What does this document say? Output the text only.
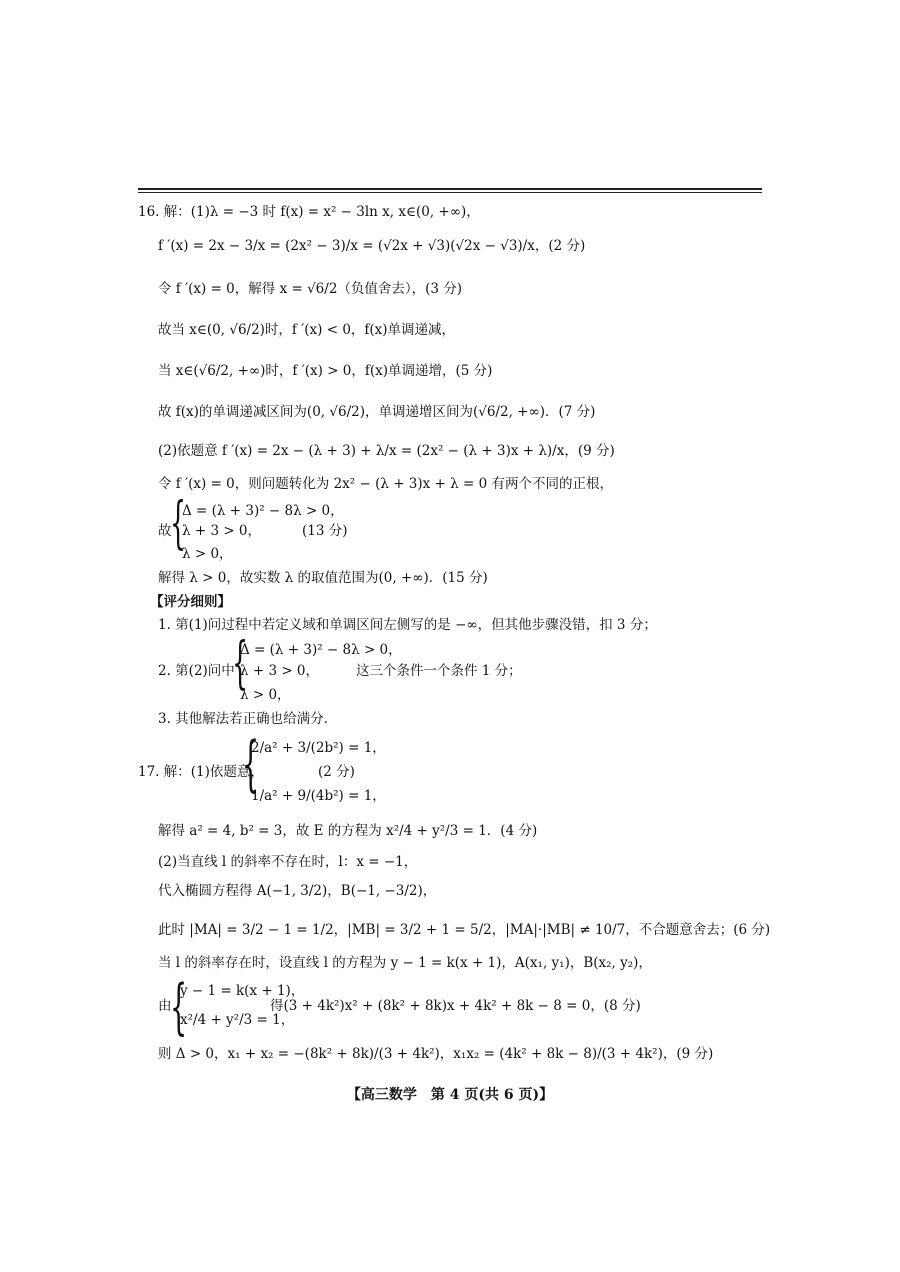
16. 解：(1)λ = −3 时 f(x) = x² − 3ln x, x∈(0, +∞)，
f ′(x) = 2x − 3/x = (2x² − 3)/x = (√2x + √3)(√2x − √3)/x，(2 分)
令 f ′(x) = 0，解得 x = √6/2（负值舍去），(3 分)
故当 x∈(0, √6/2)时，f ′(x) < 0，f(x)单调递减，
当 x∈(√6/2, +∞)时，f ′(x) > 0，f(x)单调递增，(5 分)
故 f(x)的单调递减区间为(0, √6/2)，单调递增区间为(√6/2, +∞)．(7 分)
(2)依题意 f ′(x) = 2x − (λ + 3) + λ/x = (2x² − (λ + 3)x + λ)/x，(9 分)
令 f ′(x) = 0，则问题转化为 2x² − (λ + 3)x + λ = 0 有两个不同的正根，
{
Δ = (λ + 3)² − 8λ > 0，
故 λ + 3 > 0，	(13 分)
λ > 0，
解得 λ > 0，故实数 λ 的取值范围为(0, +∞)．(15 分)
【评分细则】
1. 第(1)问过程中若定义域和单调区间左侧写的是 −∞，但其他步骤没错，扣 3 分；
{
Δ = (λ + 3)² − 8λ > 0，
2. 第(2)问中 λ + 3 > 0，	这三个条件一个条件 1 分；
λ > 0，
3. 其他解法若正确也给满分.
{
2/a² + 3/(2b²) = 1，
17. 解：(1)依题意，	(2 分)
1/a² + 9/(4b²) = 1，
解得 a² = 4, b² = 3，故 E 的方程为 x²/4 + y²/3 = 1．(4 分)
(2)当直线 l 的斜率不存在时，l：x = −1，
代入椭圆方程得 A(−1, 3/2)，B(−1, −3/2)，
此时 |MA| = 3/2 − 1 = 1/2，|MB| = 3/2 + 1 = 5/2，|MA|·|MB| ≠ 10/7，不合题意舍去；(6 分)
当 l 的斜率存在时，设直线 l 的方程为 y − 1 = k(x + 1)，A(x₁, y₁)，B(x₂, y₂)，
{
y − 1 = k(x + 1)，
由	得(3 + 4k²)x² + (8k² + 8k)x + 4k² + 8k − 8 = 0，(8 分)
x²/4 + y²/3 = 1，
则 Δ > 0，x₁ + x₂ = −(8k² + 8k)/(3 + 4k²)，x₁x₂ = (4k² + 8k − 8)/(3 + 4k²)，(9 分)
【高三数学　第 4 页(共 6 页)】
